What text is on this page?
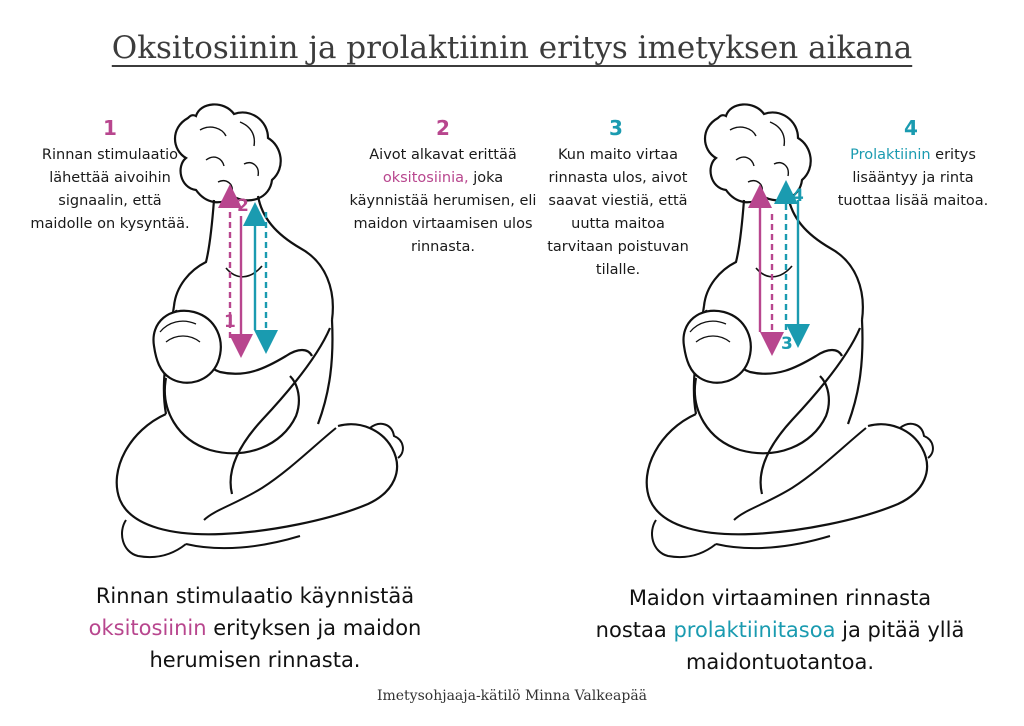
Oksitosiinin ja prolaktiinin eritys imetyksen aikana
2
1
4
3
1
Rinnan stimulaatio lähettää aivoihin signaalin, että maidolle on kysyntää.
2
Aivot alkavat erittää oksitosiinia, joka käynnistää herumisen, eli maidon virtaamisen ulos rinnasta.
3
Kun maito virtaa rinnasta ulos, aivot saavat viestiä, että uutta maitoa tarvitaan poistuvan tilalle.
4
Prolaktiinin eritys lisääntyy ja rinta tuottaa lisää maitoa.
Rinnan stimulaatio käynnistää
oksitosiinin erityksen ja maidon
herumisen rinnasta.
Maidon virtaaminen rinnasta
nostaa prolaktiinitasoa ja pitää yllä
maidontuotantoa.
Imetysohjaaja-kätilö Minna Valkeapää
